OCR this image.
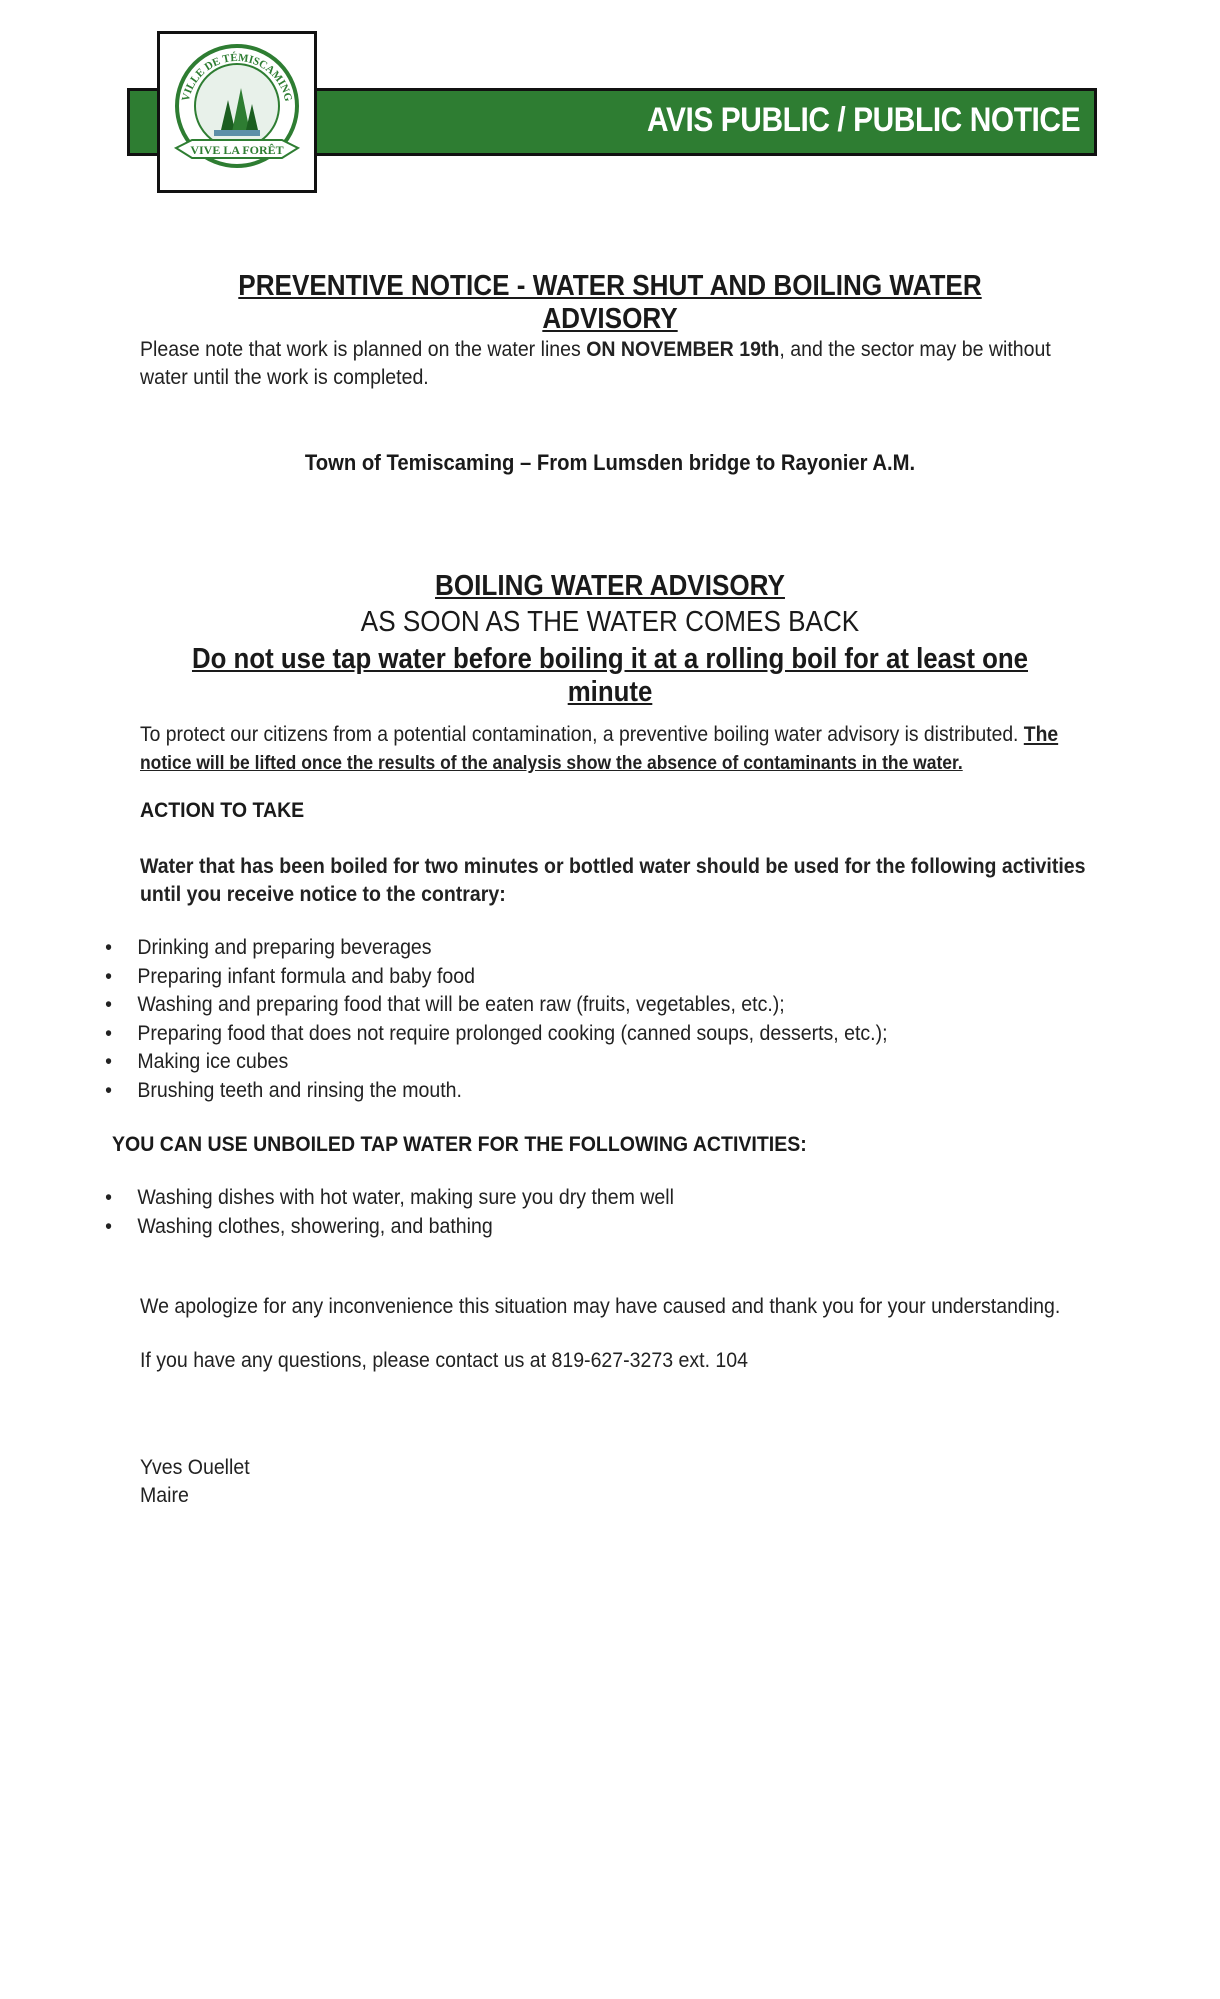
AVIS PUBLIC / PUBLIC NOTICE
VILLE DE TÉMISCAMING
VIVE LA FORÊT
PREVENTIVE NOTICE - WATER SHUT AND BOILING WATER ADVISORY
Please note that work is planned on the water lines ON NOVEMBER 19th, and the sector may be without
water until the work is completed.
Town of Temiscaming – From Lumsden bridge to Rayonier A.M.
BOILING WATER ADVISORY
AS SOON AS THE WATER COMES BACK
Do not use tap water before boiling it at a rolling boil for at least one minute
To protect our citizens from a potential contamination, a preventive boiling water advisory is distributed. The
notice will be lifted once the results of the analysis show the absence of contaminants in the water.
ACTION TO TAKE
Water that has been boiled for two minutes or bottled water should be used for the following activities
until you receive notice to the contrary:
• Drinking and preparing beverages
• Preparing infant formula and baby food
• Washing and preparing food that will be eaten raw (fruits, vegetables, etc.);
• Preparing food that does not require prolonged cooking (canned soups, desserts, etc.);
• Making ice cubes
• Brushing teeth and rinsing the mouth.
YOU CAN USE UNBOILED TAP WATER FOR THE FOLLOWING ACTIVITIES:
• Washing dishes with hot water, making sure you dry them well
• Washing clothes, showering, and bathing
We apologize for any inconvenience this situation may have caused and thank you for your understanding.
If you have any questions, please contact us at 819-627-3273 ext. 104
Yves Ouellet
Maire
